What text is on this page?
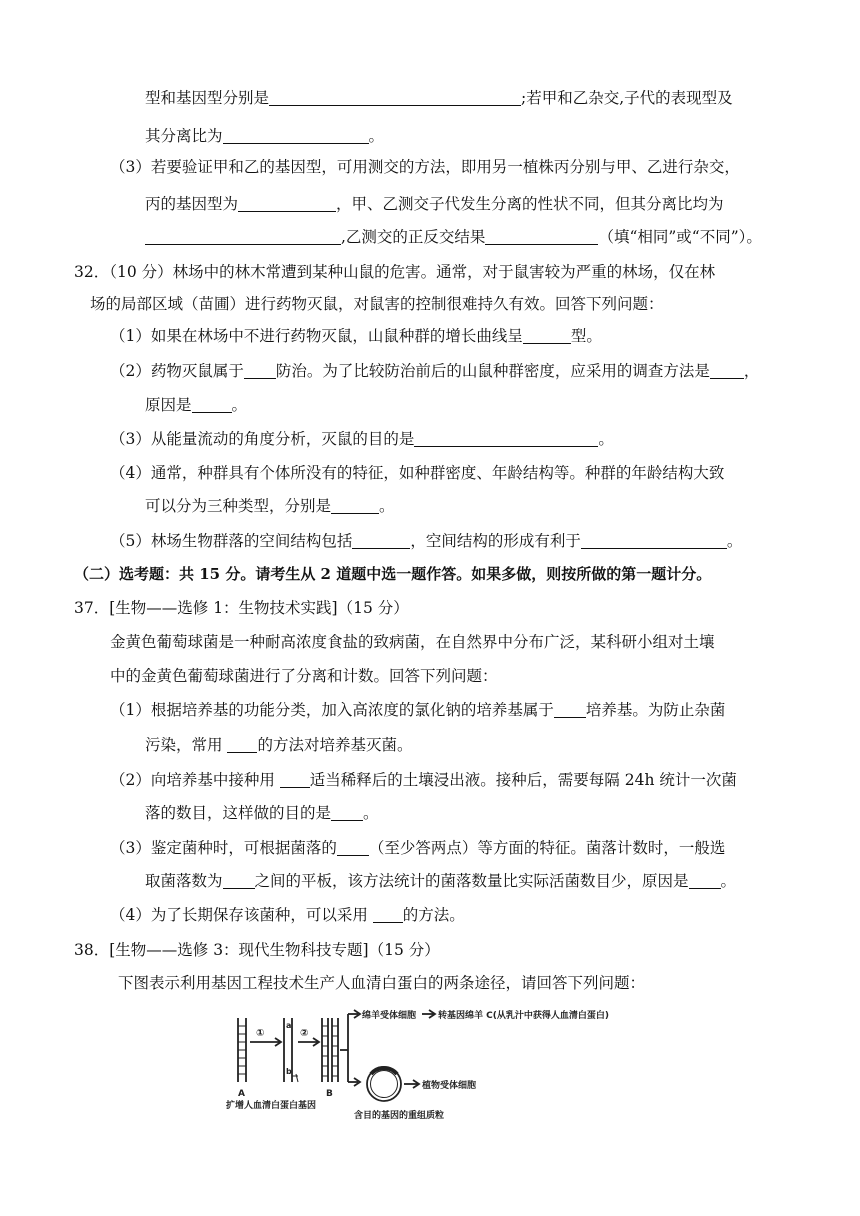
型和基因型分别是	;若甲和乙杂交,子代的表现型及
其分离比为	。
（3）若要验证甲和乙的基因型，可用测交的方法，即用另一植株丙分别与甲、乙进行杂交，
丙的基因型为	，甲、乙测交子代发生分离的性状不同，但其分离比均为
,乙测交的正反交结果	（填“相同”或“不同”）。
32．（10 分）林场中的林木常遭到某种山鼠的危害。通常，对于鼠害较为严重的林场，仅在林
场的局部区域（苗圃）进行药物灭鼠，对鼠害的控制很难持久有效。回答下列问题：
（1）如果在林场中不进行药物灭鼠，山鼠种群的增长曲线呈	型。
（2）药物灭鼠属于 防治。为了比较防治前后的山鼠种群密度，应采用的调查方法是 ，
原因是	。
（3）从能量流动的角度分析，灭鼠的目的是	。
（4）通常，种群具有个体所没有的特征，如种群密度、年龄结构等。种群的年龄结构大致
可以分为三种类型，分别是	。
（5）林场生物群落的空间结构包括	，空间结构的形成有利于	。
（二）选考题：共 15 分。请考生从 2 道题中选一题作答。如果多做，则按所做的第一题计分。
37．[生物——选修 1：生物技术实践]（15 分）
金黄色葡萄球菌是一种耐高浓度食盐的致病菌，在自然界中分布广泛，某科研小组对土壤
中的金黄色葡萄球菌进行了分离和计数。回答下列问题：
（1）根据培养基的功能分类，加入高浓度的氯化钠的培养基属于 培养基。为防止杂菌
污染，常用 的方法对培养基灭菌。
（2）向培养基中接种用 适当稀释后的土壤浸出液。接种后，需要每隔 24h 统计一次菌
落的数目，这样做的目的是 。
（3）鉴定菌种时，可根据菌落的 （至少答两点）等方面的特征。菌落计数时，一般选
取菌落数为 之间的平板，该方法统计的菌落数量比实际活菌数目少，原因是 。
（4）为了长期保存该菌种，可以采用 的方法。
38．[生物——选修 3：现代生物科技专题]（15 分）
下图表示利用基因工程技术生产人血清白蛋白的两条途径，请回答下列问题：
①	②
a
b
A	B
扩增人血清白蛋白基因
绵羊受体细胞 转基因绵羊 C(从乳汁中获得人血清白蛋白)
植物受体细胞
含目的基因的重组质粒
